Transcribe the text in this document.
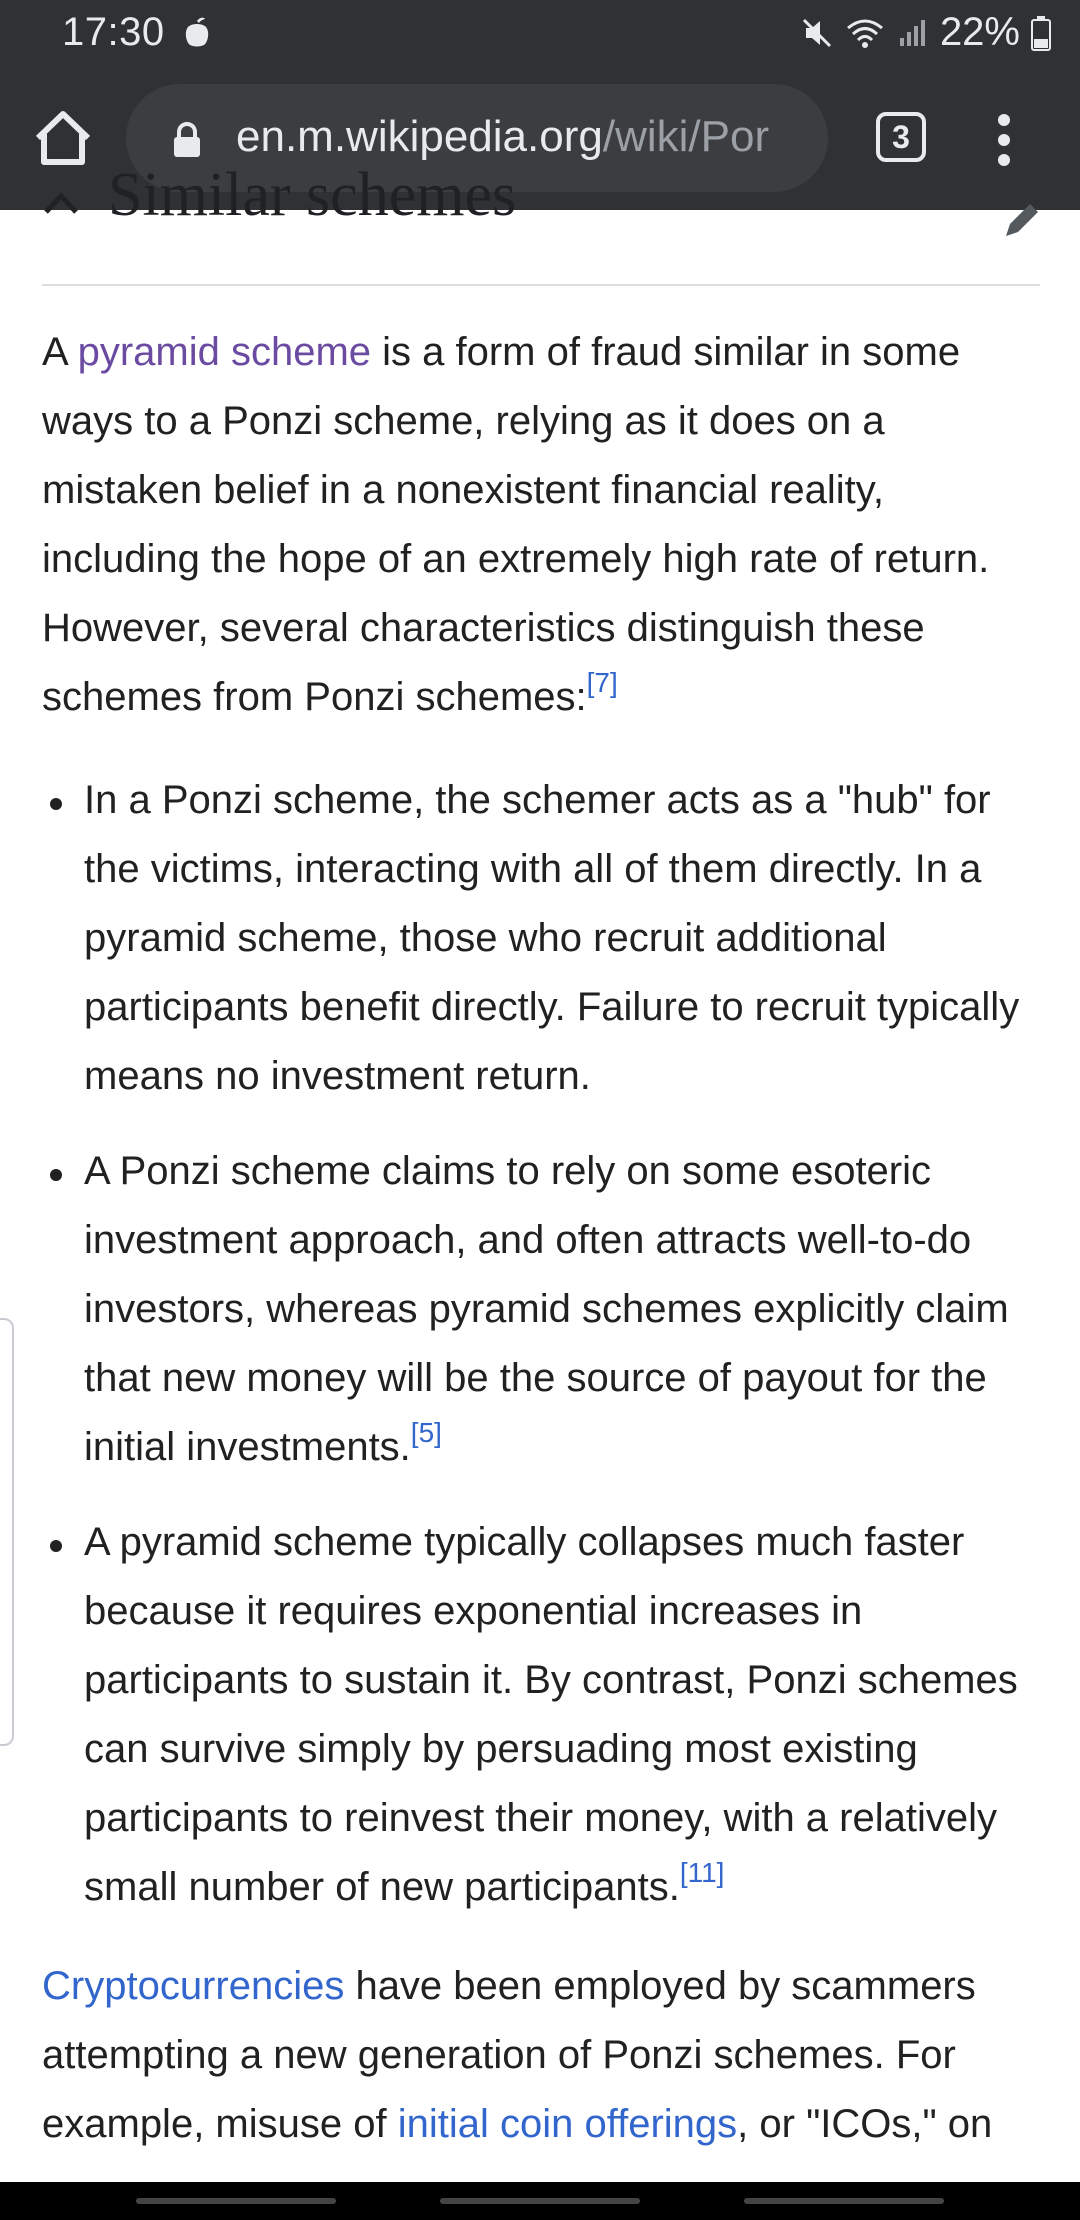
17:30	22%
en.m.wikipedia.org/wiki/Por	3
Similar schemes

A pyramid scheme is a form of fraud similar in some ways to a Ponzi scheme, relying as it does on a mistaken belief in a nonexistent financial reality, including the hope of an extremely high rate of return. However, several characteristics distinguish these schemes from Ponzi schemes:[7]

In a Ponzi scheme, the schemer acts as a "hub" for the victims, interacting with all of them directly. In a pyramid scheme, those who recruit additional participants benefit directly. Failure to recruit typically means no investment return.
A Ponzi scheme claims to rely on some esoteric investment approach, and often attracts well-to-do investors, whereas pyramid schemes explicitly claim that new money will be the source of payout for the initial investments.[5]
A pyramid scheme typically collapses much faster because it requires exponential increases in participants to sustain it. By contrast, Ponzi schemes can survive simply by persuading most existing participants to reinvest their money, with a relatively small number of new participants.[11]

Cryptocurrencies have been employed by scammers attempting a new generation of Ponzi schemes. For example, misuse of initial coin offerings, or "ICOs," on
